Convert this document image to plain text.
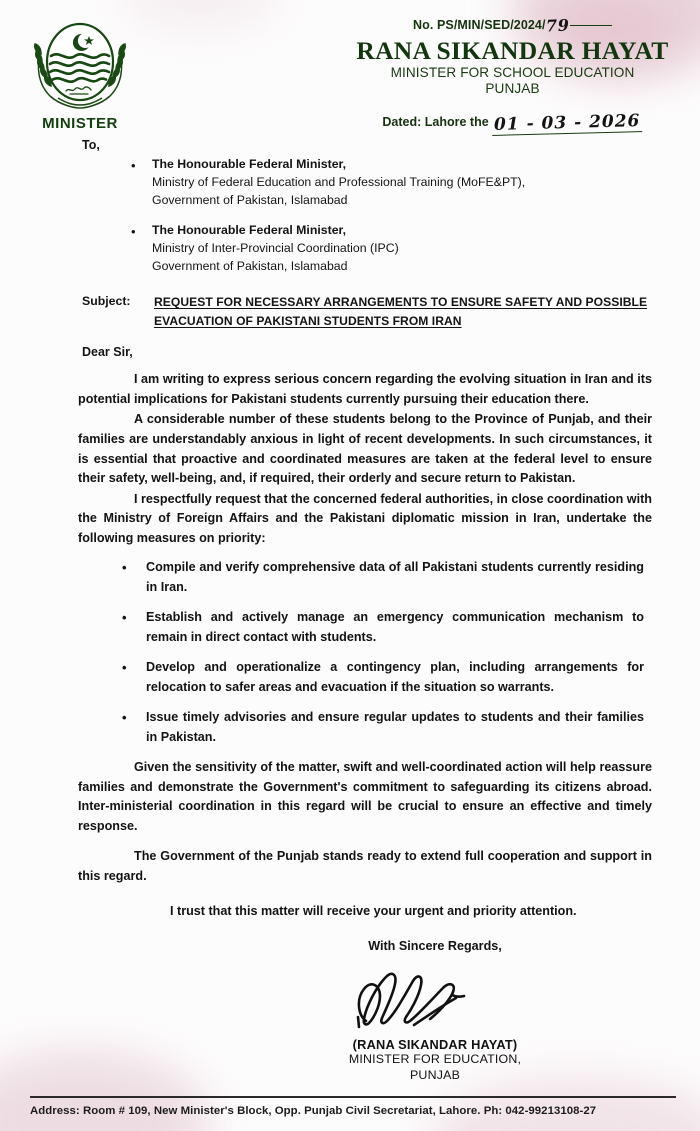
MINISTER
No. PS/MIN/SED/2024/79
RANA SIKANDAR HAYAT
MINISTER FOR SCHOOL EDUCATION
PUNJAB
Dated: Lahore the 01 - 03 - 2026
To,
• The Honourable Federal Minister,
Ministry of Federal Education and Professional Training (MoFE&PT),
Government of Pakistan, Islamabad
• The Honourable Federal Minister,
Ministry of Inter-Provincial Coordination (IPC)
Government of Pakistan, Islamabad
Subject:	REQUEST FOR NECESSARY ARRANGEMENTS TO ENSURE SAFETY AND POSSIBLE EVACUATION OF PAKISTANI STUDENTS FROM IRAN
Dear Sir,

I am writing to express serious concern regarding the evolving situation in Iran and its potential implications for Pakistani students currently pursuing their education there.

A considerable number of these students belong to the Province of Punjab, and their families are understandably anxious in light of recent developments. In such circumstances, it is essential that proactive and coordinated measures are taken at the federal level to ensure their safety, well-being, and, if required, their orderly and secure return to Pakistan.

I respectfully request that the concerned federal authorities, in close coordination with the Ministry of Foreign Affairs and the Pakistani diplomatic mission in Iran, undertake the following measures on priority:

• Compile and verify comprehensive data of all Pakistani students currently residing in Iran.
• Establish and actively manage an emergency communication mechanism to remain in direct contact with students.
• Develop and operationalize a contingency plan, including arrangements for relocation to safer areas and evacuation if the situation so warrants.
• Issue timely advisories and ensure regular updates to students and their families in Pakistan.

Given the sensitivity of the matter, swift and well-coordinated action will help reassure families and demonstrate the Government's commitment to safeguarding its citizens abroad. Inter-ministerial coordination in this regard will be crucial to ensure an effective and timely response.

The Government of the Punjab stands ready to extend full cooperation and support in this regard.

I trust that this matter will receive your urgent and priority attention.
With Sincere Regards,
(RANA SIKANDAR HAYAT)
MINISTER FOR EDUCATION,
PUNJAB
Address: Room # 109, New Minister's Block, Opp. Punjab Civil Secretariat, Lahore. Ph: 042-99213108-27
